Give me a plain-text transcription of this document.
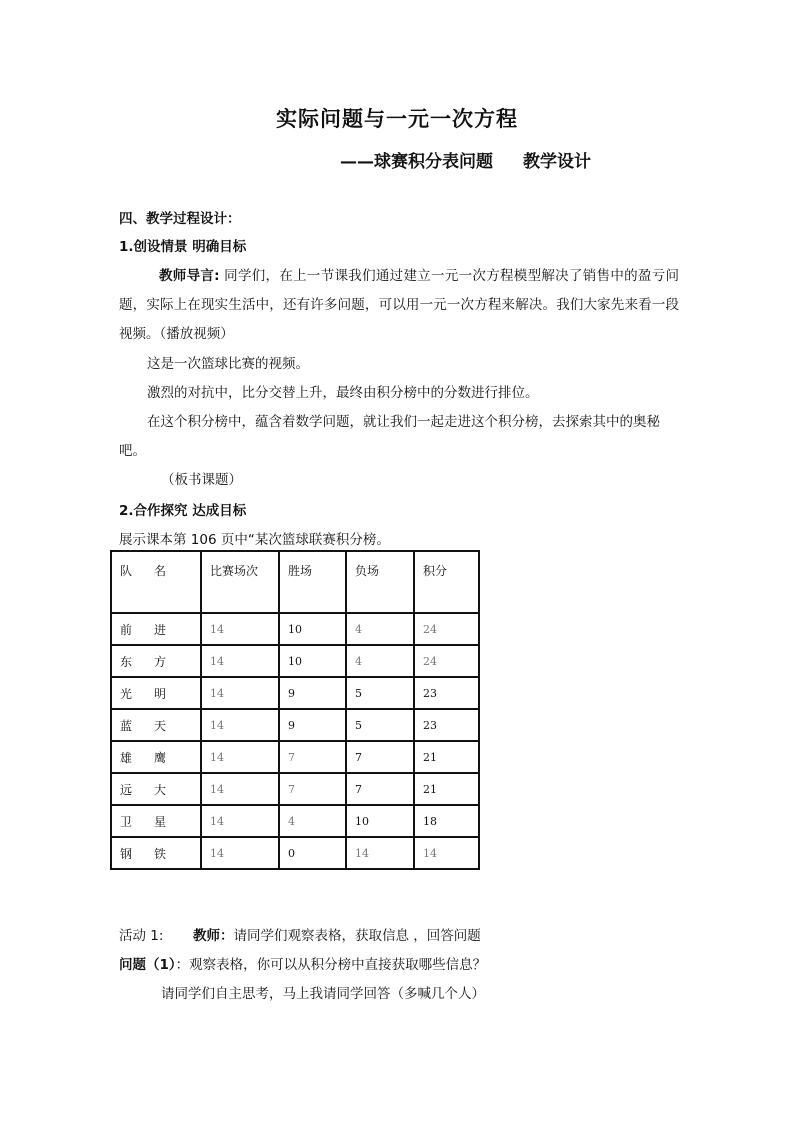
实际问题与一元一次方程
——球赛积分表问题 教学设计
四、教学过程设计：
1.创设情景 明确目标

教师导言: 同学们，在上一节课我们通过建立一元一次方程模型解决了销售中的盈亏问题，实际上在现实生活中，还有许多问题，可以用一元一次方程来解决。我们大家先来看一段视频。（播放视频）

这是一次篮球比赛的视频。
激烈的对抗中，比分交替上升，最终由积分榜中的分数进行排位。
在这个积分榜中，蕴含着数学问题，就让我们一起走进这个积分榜，去探索其中的奥秘
吧。
（板书课题）
2.合作探究 达成目标
展示课本第 106 页中“某次篮球联赛积分榜。
队名	比赛场次	胜场	负场	积分
前进	14	10	4	24
东方	14	10	4	24
光明	14	9	5	23
蓝天	14	9	5	23
雄鹰	14	7	7	21
远大	14	7	7	21
卫星	14	4	10	18
钢铁	14	0	14	14
活动 1: 教师：请同学们观察表格，获取信息 ，回答问题
问题（1）：观察表格，你可以从积分榜中直接获取哪些信息？
请同学们自主思考，马上我请同学回答（多喊几个人）
